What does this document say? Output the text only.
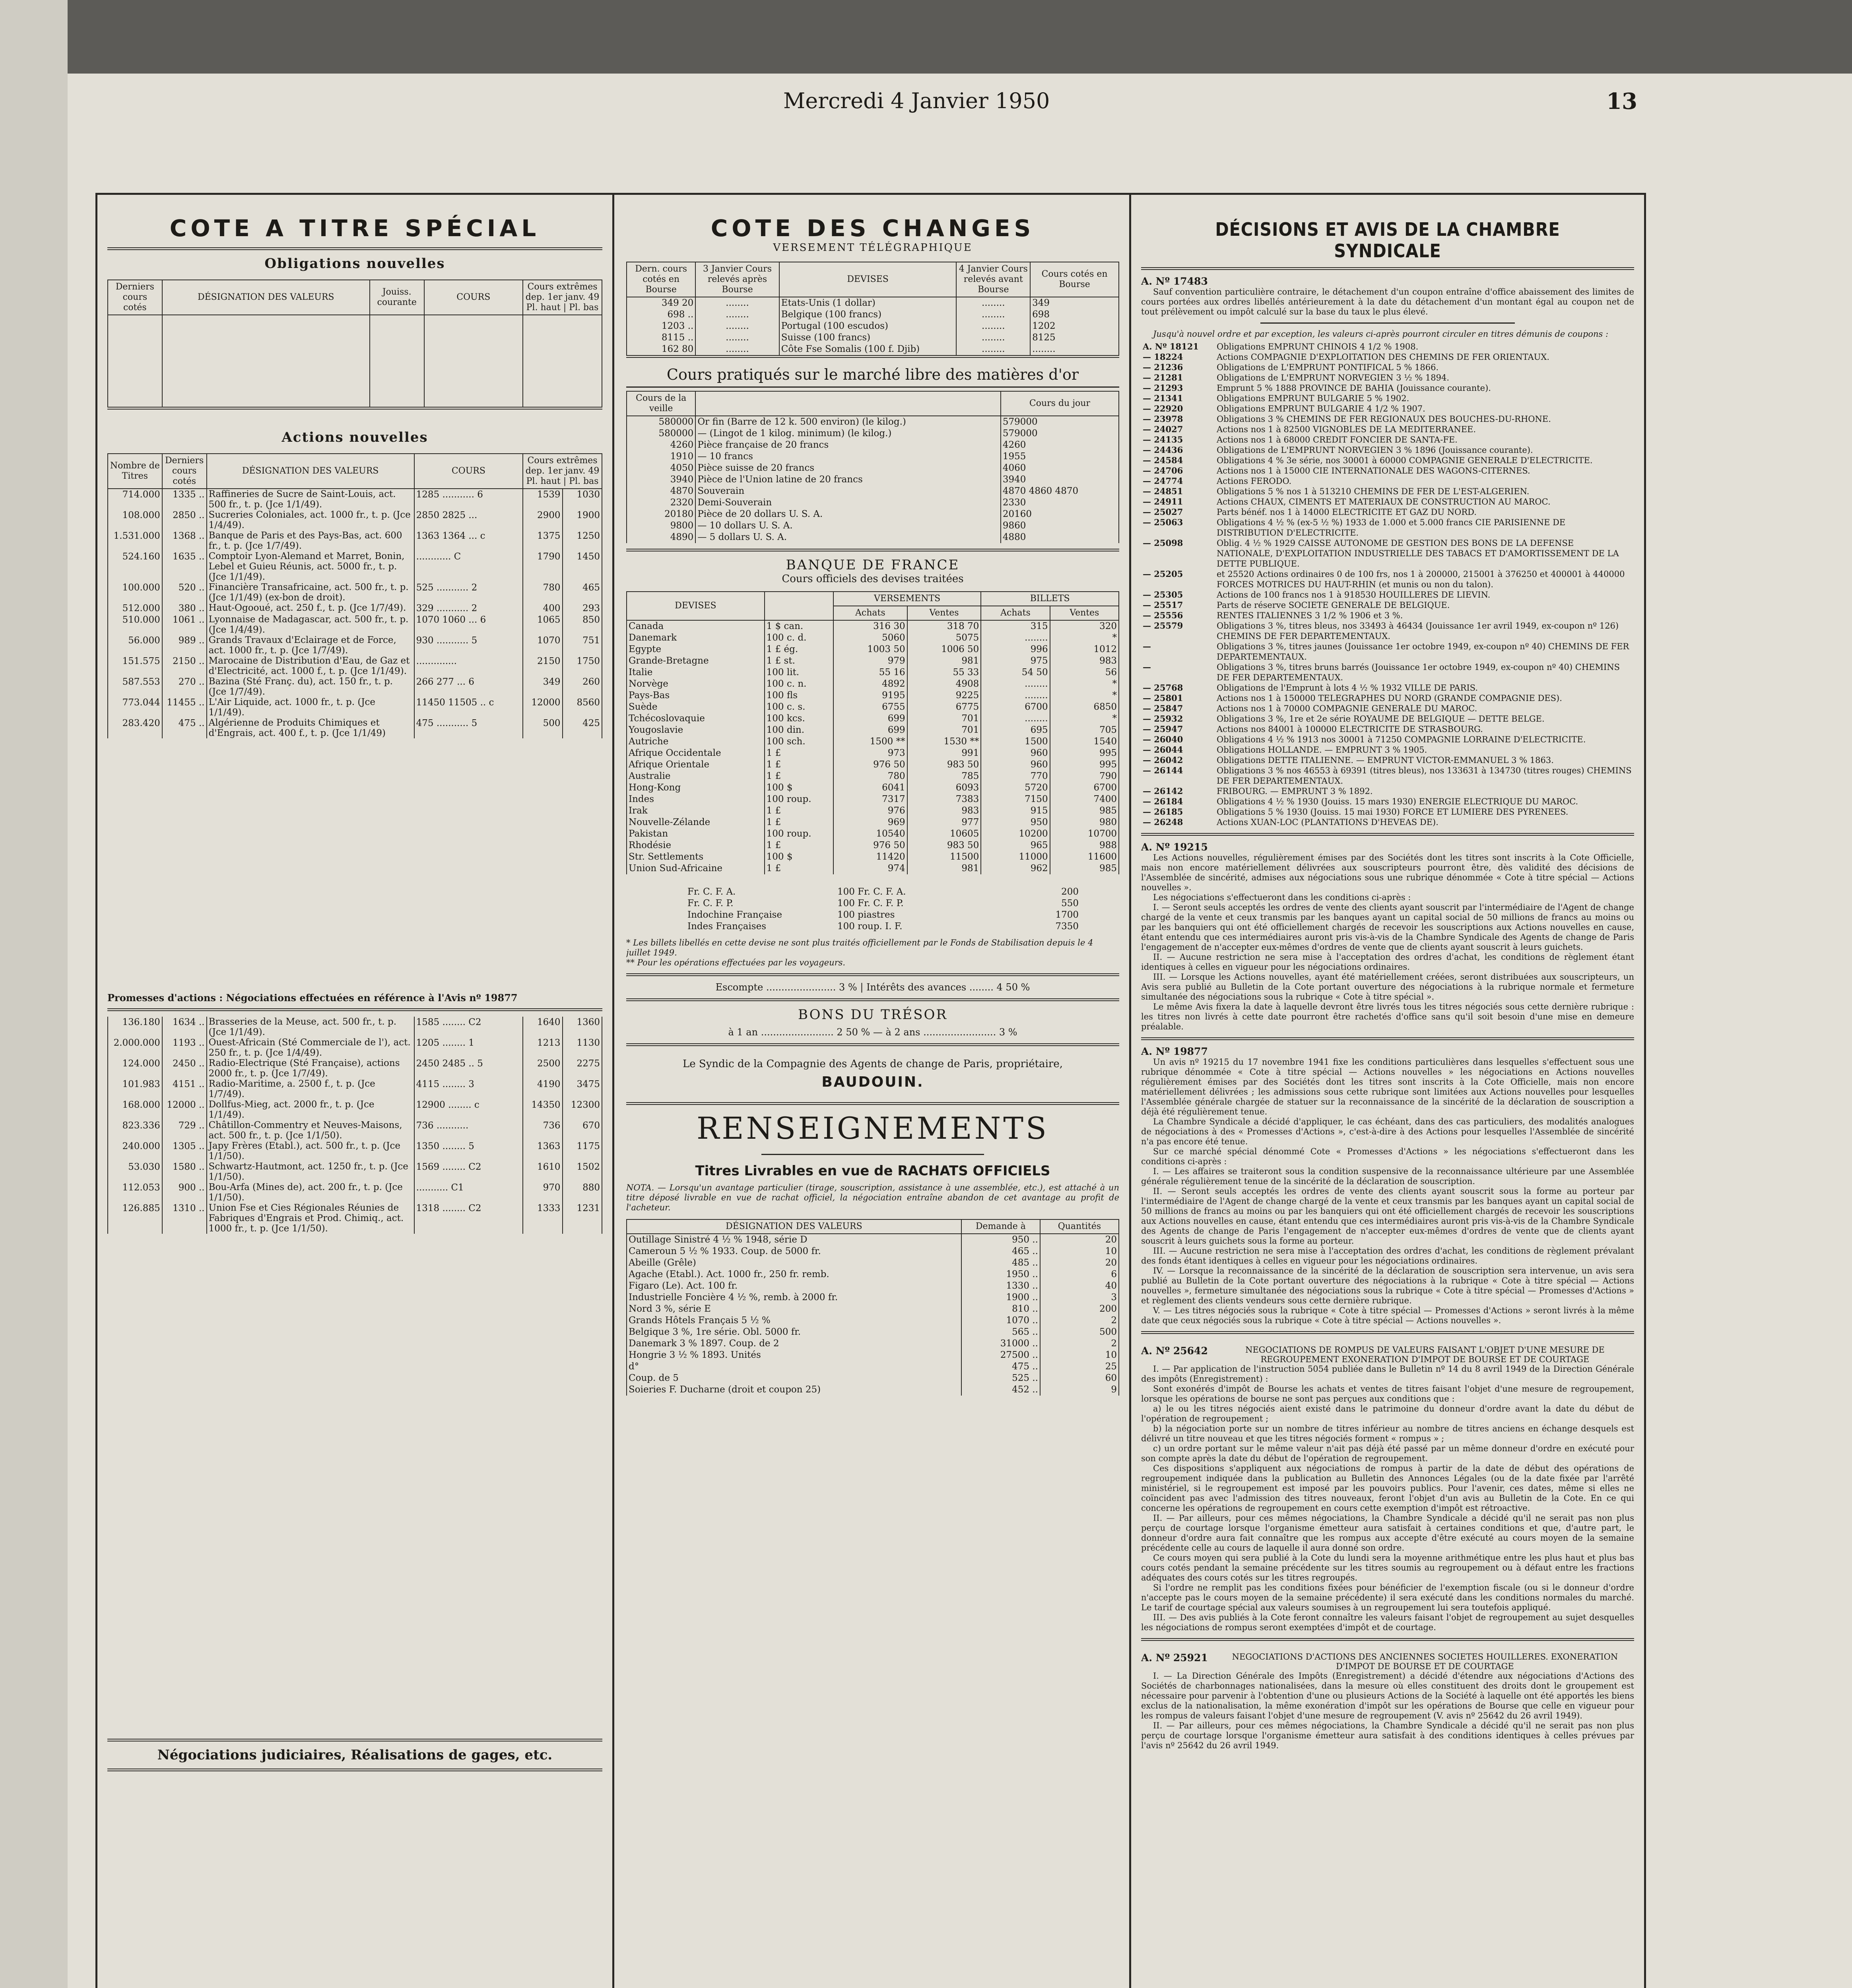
Mercredi 4 Janvier 1950	13
COTE A TITRE SPÉCIAL
Obligations nouvelles
Derniers cours cotés	DÉSIGNATION DES VALEURS	Jouiss. courante	COURS	Cours extrêmes dep. 1er janv. 49 Pl. haut | Pl. bas

Actions nouvelles
Nombre de Titres	Derniers cours cotés	DÉSIGNATION DES VALEURS	COURS	Cours extrêmes dep. 1er janv. 49 Pl. haut | Pl. bas	
714.000	1335 ..	Raffineries de Sucre de Saint-Louis, act. 500 fr., t. p. (Jce 1/1/49).	1285 ........... 6	1539	1030
108.000	2850 ..	Sucreries Coloniales, act. 1000 fr., t. p. (Jce 1/4/49).	2850 2825 ...	2900	1900
1.531.000	1368 ..	Banque de Paris et des Pays-Bas, act. 600 fr., t. p. (Jce 1/7/49).	1363 1364 ... c	1375	1250
524.160	1635 ..	Comptoir Lyon-Alemand et Marret, Bonin, Lebel et Guieu Réunis, act. 5000 fr., t. p. (Jce 1/1/49).	............ C	1790	1450
100.000	520 ..	Financière Transafricaine, act. 500 fr., t. p. (Jce 1/1/49) (ex-bon de droit).	525 ........... 2	780	465
512.000	380 ..	Haut-Ogooué, act. 250 f., t. p. (Jce 1/7/49).	329 ........... 2	400	293
510.000	1061 ..	Lyonnaise de Madagascar, act. 500 fr., t. p. (Jce 1/4/49).	1070 1060 ... 6	1065	850
56.000	989 ..	Grands Travaux d'Eclairage et de Force, act. 1000 fr., t. p. (Jce 1/7/49).	930 ........... 5	1070	751
151.575	2150 ..	Marocaine de Distribution d'Eau, de Gaz et d'Electricité, act. 1000 f., t. p. (Jce 1/1/49).	..............	2150	1750
587.553	270 ..	Bazina (Sté Franç. du), act. 150 fr., t. p. (Jce 1/7/49).	266 277 ... 6	349	260
773.044	11455 ..	L'Air Liquide, act. 1000 fr., t. p. (Jce 1/1/49).	11450 11505 .. c	12000	8560
283.420	475 ..	Algérienne de Produits Chimiques et d'Engrais, act. 400 f., t. p. (Jce 1/1/49)	475 ........... 5	500	425
Promesses d'actions : Négociations effectuées en référence à l'Avis nº 19877
136.180	1634 ..	Brasseries de la Meuse, act. 500 fr., t. p. (Jce 1/1/49).	1585 ........ C2	1640	1360
2.000.000	1193 ..	Ouest-Africain (Sté Commerciale de l'), act. 250 fr., t. p. (Jce 1/4/49).	1205 ........ 1	1213	1130
124.000	2450 ..	Radio-Electrique (Sté Française), actions 2000 fr., t. p. (Jce 1/7/49).	2450 2485 .. 5	2500	2275
101.983	4151 ..	Radio-Maritime, a. 2500 f., t. p. (Jce 1/7/49).	4115 ........ 3	4190	3475
168.000	12000 ..	Dollfus-Mieg, act. 2000 fr., t. p. (Jce 1/1/49).	12900 ........ c	14350	12300
823.336	729 ..	Châtillon-Commentry et Neuves-Maisons, act. 500 fr., t. p. (Jce 1/1/50).	736 ...........	736	670
240.000	1305 ..	Japy Frères (Etabl.), act. 500 fr., t. p. (Jce 1/1/50).	1350 ........ 5	1363	1175
53.030	1580 ..	Schwartz-Hautmont, act. 1250 fr., t. p. (Jce 1/1/50).	1569 ........ C2	1610	1502
112.053	900 ..	Bou-Arfa (Mines de), act. 200 fr., t. p. (Jce 1/1/50).	........... C1	970	880
126.885	1310 ..	Union Fse et Cies Régionales Réunies de Fabriques d'Engrais et Prod. Chimiq., act. 1000 fr., t. p. (Jce 1/1/50).	1318 ........ C2	1333	1231
Négociations judiciaires, Réalisations de gages, etc.
COTE DES CHANGES
VERSEMENT TÉLÉGRAPHIQUE
Dern. cours cotés en Bourse	3 Janvier Cours relevés après Bourse	DEVISES	4 Janvier Cours relevés avant Bourse	Cours cotés en Bourse
349 20	........	Etats-Unis (1 dollar)	........	349
698 ..	........	Belgique (100 francs)	........	698
1203 ..	........	Portugal (100 escudos)	........	1202
8115 ..	........	Suisse (100 francs)	........	8125
162 80	........	Côte Fse Somalis (100 f. Djib)	........	........
Cours pratiqués sur le marché libre des matières d'or
Cours de la veille		Cours du jour
580000	Or fin (Barre de 12 k. 500 environ) (le kilog.)	579000
580000	— (Lingot de 1 kilog. minimum) (le kilog.)	579000
4260	Pièce française de 20 francs	4260
1910	— 10 francs	1955
4050	Pièce suisse de 20 francs	4060
3940	Pièce de l'Union latine de 20 francs	3940
4870	Souverain	4870 4860 4870
2320	Demi-Souverain	2330
20180	Pièce de 20 dollars U. S. A.	20160
9800	— 10 dollars U. S. A.	9860
4890	— 5 dollars U. S. A.	4880
BANQUE DE FRANCE
Cours officiels des devises traitées
DEVISES		VERSEMENTS		BILLETS	
		Achats	Ventes	Achats	Ventes
Canada	1 $ can.	316 30	318 70	315	320
Danemark	100 c. d.	5060	5075	........	*
Egypte	1 £ ég.	1003 50	1006 50	996	1012
Grande-Bretagne	1 £ st.	979	981	975	983
Italie	100 lit.	55 16	55 33	54 50	56
Norvège	100 c. n.	4892	4908	........	*
Pays-Bas	100 fls	9195	9225	........	*
Suède	100 c. s.	6755	6775	6700	6850
Tchécoslovaquie	100 kcs.	699	701	........	*
Yougoslavie	100 din.	699	701	695	705

Autriche	100 sch.	1500 **	1530 **	1500	1540
Afrique Occidentale	1 £	973	991	960	995
Afrique Orientale	1 £	976 50	983 50	960	995
Australie	1 £	780	785	770	790
Hong-Kong	100 $	6041	6093	5720	6700
Indes	100 roup.	7317	7383	7150	7400
Irak	1 £	976	983	915	985
Nouvelle-Zélande	1 £	969	977	950	980
Pakistan	100 roup.	10540	10605	10200	10700
Rhodésie	1 £	976 50	983 50	965	988
Str. Settlements	100 $	11420	11500	11000	11600
Union Sud-Africaine	1 £	974	981	962	985
Fr. C. F. A.	100 Fr. C. F. A.	200
Fr. C. F. P.	100 Fr. C. F. P.	550
Indochine Française	100 piastres	1700
Indes Françaises	100 roup. I. F.	7350
* Les billets libellés en cette devise ne sont plus traités officiellement par le Fonds de Stabilisation depuis le 4 juillet 1949.
** Pour les opérations effectuées par les voyageurs.
Escompte ....................... 3 % | Intérêts des avances ........ 4 50 %
BONS DU TRÉSOR
à 1 an ........................ 2 50 % — à 2 ans ........................ 3 %
Le Syndic de la Compagnie des Agents de change de Paris, propriétaire,
BAUDOUIN.
RENSEIGNEMENTS
Titres Livrables en vue de RACHATS OFFICIELS
NOTA. — Lorsqu'un avantage particulier (tirage, souscription, assistance à une assemblée, etc.), est attaché à un titre déposé livrable en vue de rachat officiel, la négociation entraîne abandon de cet avantage au profit de l'acheteur.
DÉSIGNATION DES VALEURS	Demande à	Quantités
Outillage Sinistré 4 ½ % 1948, série D	950 ..	20
Cameroun 5 ½ % 1933. Coup. de 5000 fr.	465 ..	10
Abeille (Grêle)	485 ..	20
Agache (Etabl.). Act. 1000 fr., 250 fr. remb.	1950 ..	6
Figaro (Le). Act. 100 fr.	1330 ..	40
Industrielle Foncière 4 ½ %, remb. à 2000 fr.	1900 ..	3
Nord 3 %, série E	810 ..	200
Grands Hôtels Français 5 ½ %	1070 ..	2
Belgique 3 %, 1re série. Obl. 5000 fr.	565 ..	500
Danemark 3 % 1897. Coup. de 2	31000 ..	2
Hongrie 3 ½ % 1893. Unités	27500 ..	10
d°	475 ..	25
Coup. de 5	525 ..	60
Soieries F. Ducharne (droit et coupon 25)	452 ..	9
DÉCISIONS ET AVIS DE LA CHAMBRE SYNDICALE
A. Nº 17483

Sauf convention particulière contraire, le détachement d'un coupon entraîne d'office abaissement des limites de cours portées aux ordres libellés antérieurement à la date du détachement d'un montant égal au coupon net de tout prélèvement ou impôt calculé sur la base du taux le plus élevé.

Jusqu'à nouvel ordre et par exception, les valeurs ci-après pourront circuler en titres démunis de coupons :

A. Nº 18121	Obligations EMPRUNT CHINOIS 4 1/2 % 1908.
— 18224	Actions COMPAGNIE D'EXPLOITATION DES CHEMINS DE FER ORIENTAUX.
— 21236	Obligations de L'EMPRUNT PONTIFICAL 5 % 1866.
— 21281	Obligations de L'EMPRUNT NORVEGIEN 3 ½ % 1894.
— 21293	Emprunt 5 % 1888 PROVINCE DE BAHIA (Jouissance courante).
— 21341	Obligations EMPRUNT BULGARIE 5 % 1902.
— 22920	Obligations EMPRUNT BULGARIE 4 1/2 % 1907.
— 23978	Obligations 3 % CHEMINS DE FER REGIONAUX DES BOUCHES-DU-RHONE.
— 24027	Actions nos 1 à 82500 VIGNOBLES DE LA MEDITERRANEE.
— 24135	Actions nos 1 à 68000 CREDIT FONCIER DE SANTA-FE.
— 24436	Obligations de L'EMPRUNT NORVEGIEN 3 % 1896 (Jouissance courante).
— 24584	Obligations 4 % 3e série, nos 30001 à 60000 COMPAGNIE GENERALE D'ELECTRICITE.
— 24706	Actions nos 1 à 15000 CIE INTERNATIONALE DES WAGONS-CITERNES.
— 24774	Actions FERODO.
— 24851	Obligations 5 % nos 1 à 513210 CHEMINS DE FER DE L'EST-ALGERIEN.
— 24911	Actions CHAUX, CIMENTS ET MATERIAUX DE CONSTRUCTION AU MAROC.
— 25027	Parts bénéf. nos 1 à 14000 ELECTRICITE ET GAZ DU NORD.
— 25063	Obligations 4 ½ % (ex-5 ½ %) 1933 de 1.000 et 5.000 francs CIE PARISIENNE DE DISTRIBUTION D'ELECTRICITE.
— 25098	Oblig. 4 ½ % 1929 CAISSE AUTONOME DE GESTION DES BONS DE LA DEFENSE NATIONALE, D'EXPLOITATION INDUSTRIELLE DES TABACS ET D'AMORTISSEMENT DE LA DETTE PUBLIQUE.
— 25205	et 25520 Actions ordinaires 0 de 100 frs, nos 1 à 200000, 215001 à 376250 et 400001 à 440000 FORCES MOTRICES DU HAUT-RHIN (et munis ou non du talon).
— 25305	Actions de 100 francs nos 1 à 918530 HOUILLERES DE LIEVIN.
— 25517	Parts de réserve SOCIETE GENERALE DE BELGIQUE.
— 25556	RENTES ITALIENNES 3 1/2 % 1906 et 3 %.
— 25579	Obligations 3 %, titres bleus, nos 33493 à 46434 (Jouissance 1er avril 1949, ex-coupon nº 126) CHEMINS DE FER DEPARTEMENTAUX.
—	Obligations 3 %, titres jaunes (Jouissance 1er octobre 1949, ex-coupon nº 40) CHEMINS DE FER DEPARTEMENTAUX.
—	Obligations 3 %, titres bruns barrés (Jouissance 1er octobre 1949, ex-coupon nº 40) CHEMINS DE FER DEPARTEMENTAUX.
— 25768	Obligations de l'Emprunt à lots 4 ½ % 1932 VILLE DE PARIS.
— 25801	Actions nos 1 à 150000 TELEGRAPHES DU NORD (GRANDE COMPAGNIE DES).
— 25847	Actions nos 1 à 70000 COMPAGNIE GENERALE DU MAROC.
— 25932	Obligations 3 %, 1re et 2e série ROYAUME DE BELGIQUE — DETTE BELGE.
— 25947	Actions nos 84001 à 100000 ELECTRICITE DE STRASBOURG.
— 26040	Obligations 4 ½ % 1913 nos 30001 à 71250 COMPAGNIE LORRAINE D'ELECTRICITE.
— 26044	Obligations HOLLANDE. — EMPRUNT 3 % 1905.
— 26042	Obligations DETTE ITALIENNE. — EMPRUNT VICTOR-EMMANUEL 3 % 1863.
— 26144	Obligations 3 % nos 46553 à 69391 (titres bleus), nos 133631 à 134730 (titres rouges) CHEMINS DE FER DEPARTEMENTAUX.
— 26142	FRIBOURG. — EMPRUNT 3 % 1892.
— 26184	Obligations 4 ½ % 1930 (Jouiss. 15 mars 1930) ENERGIE ELECTRIQUE DU MAROC.
— 26185	Obligations 5 % 1930 (Jouiss. 15 mai 1930) FORCE ET LUMIERE DES PYRENEES.
— 26248	Actions XUAN-LOC (PLANTATIONS D'HEVEAS DE).
A. Nº 19215

Les Actions nouvelles, régulièrement émises par des Sociétés dont les titres sont inscrits à la Cote Officielle, mais non encore matériellement délivrées aux souscripteurs pourront être, dès validité des décisions de l'Assemblée de sincérité, admises aux négociations sous une rubrique dénommée « Cote à titre spécial — Actions nouvelles ».

Les négociations s'effectueront dans les conditions ci-après :

I. — Seront seuls acceptés les ordres de vente des clients ayant souscrit par l'intermédiaire de l'Agent de change chargé de la vente et ceux transmis par les banques ayant un capital social de 50 millions de francs au moins ou par les banquiers qui ont été officiellement chargés de recevoir les souscriptions aux Actions nouvelles en cause, étant entendu que ces intermédiaires auront pris vis-à-vis de la Chambre Syndicale des Agents de change de Paris l'engagement de n'accepter eux-mêmes d'ordres de vente que de clients ayant souscrit à leurs guichets.

II. — Aucune restriction ne sera mise à l'acceptation des ordres d'achat, les conditions de règlement étant identiques à celles en vigueur pour les négociations ordinaires.

III. — Lorsque les Actions nouvelles, ayant été matériellement créées, seront distribuées aux souscripteurs, un Avis sera publié au Bulletin de la Cote portant ouverture des négociations à la rubrique normale et fermeture simultanée des négociations sous la rubrique « Cote à titre spécial ».

Le même Avis fixera la date à laquelle devront être livrés tous les titres négociés sous cette dernière rubrique : les titres non livrés à cette date pourront être rachetés d'office sans qu'il soit besoin d'une mise en demeure préalable.

A. Nº 19877

Un avis nº 19215 du 17 novembre 1941 fixe les conditions particulières dans lesquelles s'effectuent sous une rubrique dénommée « Cote à titre spécial — Actions nouvelles » les négociations en Actions nouvelles régulièrement émises par des Sociétés dont les titres sont inscrits à la Cote Officielle, mais non encore matériellement délivrées ; les admissions sous cette rubrique sont limitées aux Actions nouvelles pour lesquelles l'Assemblée générale chargée de statuer sur la reconnaissance de la sincérité de la déclaration de souscription a déjà été régulièrement tenue.

La Chambre Syndicale a décidé d'appliquer, le cas échéant, dans des cas particuliers, des modalités analogues de négociations à des « Promesses d'Actions », c'est-à-dire à des Actions pour lesquelles l'Assemblée de sincérité n'a pas encore été tenue.

Sur ce marché spécial dénommé Cote « Promesses d'Actions » les négociations s'effectueront dans les conditions ci-après :

I. — Les affaires se traiteront sous la condition suspensive de la reconnaissance ultérieure par une Assemblée générale régulièrement tenue de la sincérité de la déclaration de souscription.

II. — Seront seuls acceptés les ordres de vente des clients ayant souscrit sous la forme au porteur par l'intermédiaire de l'Agent de change chargé de la vente et ceux transmis par les banques ayant un capital social de 50 millions de francs au moins ou par les banquiers qui ont été officiellement chargés de recevoir les souscriptions aux Actions nouvelles en cause, étant entendu que ces intermédiaires auront pris vis-à-vis de la Chambre Syndicale des Agents de change de Paris l'engagement de n'accepter eux-mêmes d'ordres de vente que de clients ayant souscrit à leurs guichets sous la forme au porteur.

III. — Aucune restriction ne sera mise à l'acceptation des ordres d'achat, les conditions de règlement prévalant des fonds étant identiques à celles en vigueur pour les négociations ordinaires.

IV. — Lorsque la reconnaissance de la sincérité de la déclaration de souscription sera intervenue, un avis sera publié au Bulletin de la Cote portant ouverture des négociations à la rubrique « Cote à titre spécial — Actions nouvelles », fermeture simultanée des négociations sous la rubrique « Cote à titre spécial — Promesses d'Actions » et règlement des clients vendeurs sous cette dernière rubrique.

V. — Les titres négociés sous la rubrique « Cote à titre spécial — Promesses d'Actions » seront livrés à la même date que ceux négociés sous la rubrique « Cote à titre spécial — Actions nouvelles ».

A. Nº 25642	NEGOCIATIONS DE ROMPUS DE VALEURS FAISANT L'OBJET D'UNE MESURE DE REGROUPEMENT EXONERATION D'IMPOT DE BOURSE ET DE COURTAGE

I. — Par application de l'instruction 5054 publiée dans le Bulletin nº 14 du 8 avril 1949 de la Direction Générale des impôts (Enregistrement) :

Sont exonérés d'impôt de Bourse les achats et ventes de titres faisant l'objet d'une mesure de regroupement, lorsque les opérations de bourse ne sont pas perçues aux conditions que :

a) le ou les titres négociés aient existé dans le patrimoine du donneur d'ordre avant la date du début de l'opération de regroupement ;

b) la négociation porte sur un nombre de titres inférieur au nombre de titres anciens en échange desquels est délivré un titre nouveau et que les titres négociés forment « rompus » ;

c) un ordre portant sur le même valeur n'ait pas déjà été passé par un même donneur d'ordre en exécuté pour son compte après la date du début de l'opération de regroupement.

Ces dispositions s'appliquent aux négociations de rompus à partir de la date de début des opérations de regroupement indiquée dans la publication au Bulletin des Annonces Légales (ou de la date fixée par l'arrêté ministériel, si le regroupement est imposé par les pouvoirs publics. Pour l'avenir, ces dates, même si elles ne coïncident pas avec l'admission des titres nouveaux, feront l'objet d'un avis au Bulletin de la Cote. En ce qui concerne les opérations de regroupement en cours cette exemption d'impôt est rétroactive.

II. — Par ailleurs, pour ces mêmes négociations, la Chambre Syndicale a décidé qu'il ne serait pas non plus perçu de courtage lorsque l'organisme émetteur aura satisfait à certaines conditions et que, d'autre part, le donneur d'ordre aura fait connaître que les rompus aux accepte d'être exécuté au cours moyen de la semaine précédente celle au cours de laquelle il aura donné son ordre.

Ce cours moyen qui sera publié à la Cote du lundi sera la moyenne arithmétique entre les plus haut et plus bas cours cotés pendant la semaine précédente sur les titres soumis au regroupement ou à défaut entre les fractions adéquates des cours cotés sur les titres regroupés.

Si l'ordre ne remplit pas les conditions fixées pour bénéficier de l'exemption fiscale (ou si le donneur d'ordre n'accepte pas le cours moyen de la semaine précédente) il sera exécuté dans les conditions normales du marché. Le tarif de courtage spécial aux valeurs soumises à un regroupement lui sera toutefois appliqué.

III. — Des avis publiés à la Cote feront connaître les valeurs faisant l'objet de regroupement au sujet desquelles les négociations de rompus seront exemptées d'impôt et de courtage.

A. Nº 25921	NEGOCIATIONS D'ACTIONS DES ANCIENNES SOCIETES HOUILLERES. EXONERATION D'IMPOT DE BOURSE ET DE COURTAGE

I. — La Direction Générale des Impôts (Enregistrement) a décidé d'étendre aux négociations d'Actions des Sociétés de charbonnages nationalisées, dans la mesure où elles constituent des droits dont le groupement est nécessaire pour parvenir à l'obtention d'une ou plusieurs Actions de la Société à laquelle ont été apportés les biens exclus de la nationalisation, la même exonération d'impôt sur les opérations de Bourse que celle en vigueur pour les rompus de valeurs faisant l'objet d'une mesure de regroupement (V. avis nº 25642 du 26 avril 1949).

II. — Par ailleurs, pour ces mêmes négociations, la Chambre Syndicale a décidé qu'il ne serait pas non plus perçu de courtage lorsque l'organisme émetteur aura satisfait à des conditions identiques à celles prévues par l'avis nº 25642 du 26 avril 1949.
